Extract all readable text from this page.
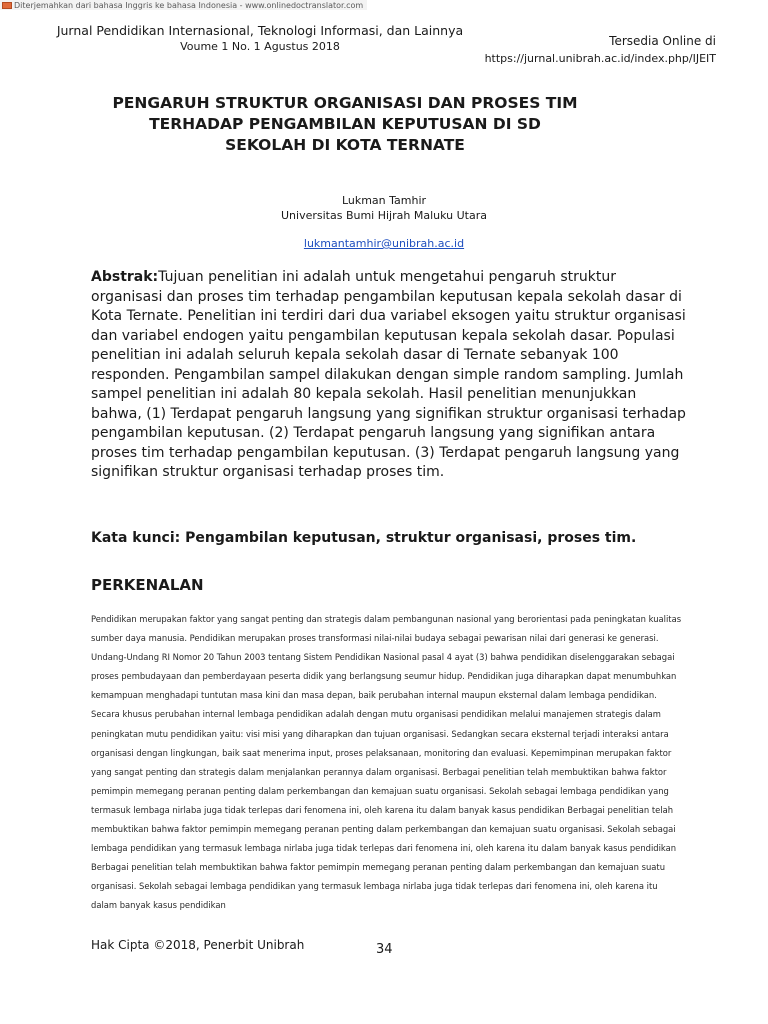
Diterjemahkan dari bahasa Inggris ke bahasa Indonesia - www.onlinedoctranslator.com
Jurnal Pendidikan Internasional, Teknologi Informasi, dan Lainnya
Voume 1 No. 1 Agustus 2018	Tersedia Online di
https://jurnal.unibrah.ac.id/index.php/IJEIT
PENGARUH STRUKTUR ORGANISASI DAN PROSES TIM
TERHADAP PENGAMBILAN KEPUTUSAN DI SD
SEKOLAH DI KOTA TERNATE
Lukman Tamhir
Universitas Bumi Hijrah Maluku Utara
lukmantamhir@unibrah.ac.id

Abstrak:Tujuan penelitian ini adalah untuk mengetahui pengaruh struktur organisasi dan proses tim terhadap pengambilan keputusan kepala sekolah dasar di Kota Ternate. Penelitian ini terdiri dari dua variabel eksogen yaitu struktur organisasi dan variabel endogen yaitu pengambilan keputusan kepala sekolah dasar. Populasi penelitian ini adalah seluruh kepala sekolah dasar di Ternate sebanyak 100 responden. Pengambilan sampel dilakukan dengan simple random sampling. Jumlah sampel penelitian ini adalah 80 kepala sekolah. Hasil penelitian menunjukkan bahwa, (1) Terdapat pengaruh langsung yang signifikan struktur organisasi terhadap pengambilan keputusan. (2) Terdapat pengaruh langsung yang signifikan antara proses tim terhadap pengambilan keputusan. (3) Terdapat pengaruh langsung yang signifikan struktur organisasi terhadap proses tim.

Kata kunci: Pengambilan keputusan, struktur organisasi, proses tim.
PERKENALAN

Pendidikan merupakan faktor yang sangat penting dan strategis dalam pembangunan nasional yang berorientasi pada peningkatan kualitas sumber daya manusia. Pendidikan merupakan proses transformasi nilai-nilai budaya sebagai pewarisan nilai dari generasi ke generasi. Undang-Undang RI Nomor 20 Tahun 2003 tentang Sistem Pendidikan Nasional pasal 4 ayat (3) bahwa pendidikan diselenggarakan sebagai proses pembudayaan dan pemberdayaan peserta didik yang berlangsung seumur hidup. Pendidikan juga diharapkan dapat menumbuhkan kemampuan menghadapi tuntutan masa kini dan masa depan, baik perubahan internal maupun eksternal dalam lembaga pendidikan. Secara khusus perubahan internal lembaga pendidikan adalah dengan mutu organisasi pendidikan melalui manajemen strategis dalam peningkatan mutu pendidikan yaitu: visi misi yang diharapkan dan tujuan organisasi. Sedangkan secara eksternal terjadi interaksi antara organisasi dengan lingkungan, baik saat menerima input, proses pelaksanaan, monitoring dan evaluasi. Kepemimpinan merupakan faktor yang sangat penting dan strategis dalam menjalankan perannya dalam organisasi. Berbagai penelitian telah membuktikan bahwa faktor pemimpin memegang peranan penting dalam perkembangan dan kemajuan suatu organisasi. Sekolah sebagai lembaga pendidikan yang termasuk lembaga nirlaba juga tidak terlepas dari fenomena ini, oleh karena itu dalam banyak kasus pendidikan Berbagai penelitian telah membuktikan bahwa faktor pemimpin memegang peranan penting dalam perkembangan dan kemajuan suatu organisasi. Sekolah sebagai lembaga pendidikan yang termasuk lembaga nirlaba juga tidak terlepas dari fenomena ini, oleh karena itu dalam banyak kasus pendidikan Berbagai penelitian telah membuktikan bahwa faktor pemimpin memegang peranan penting dalam perkembangan dan kemajuan suatu organisasi. Sekolah sebagai lembaga pendidikan yang termasuk lembaga nirlaba juga tidak terlepas dari fenomena ini, oleh karena itu dalam banyak kasus pendidikan

Hak Cipta ©2018, Penerbit Unibrah	34
